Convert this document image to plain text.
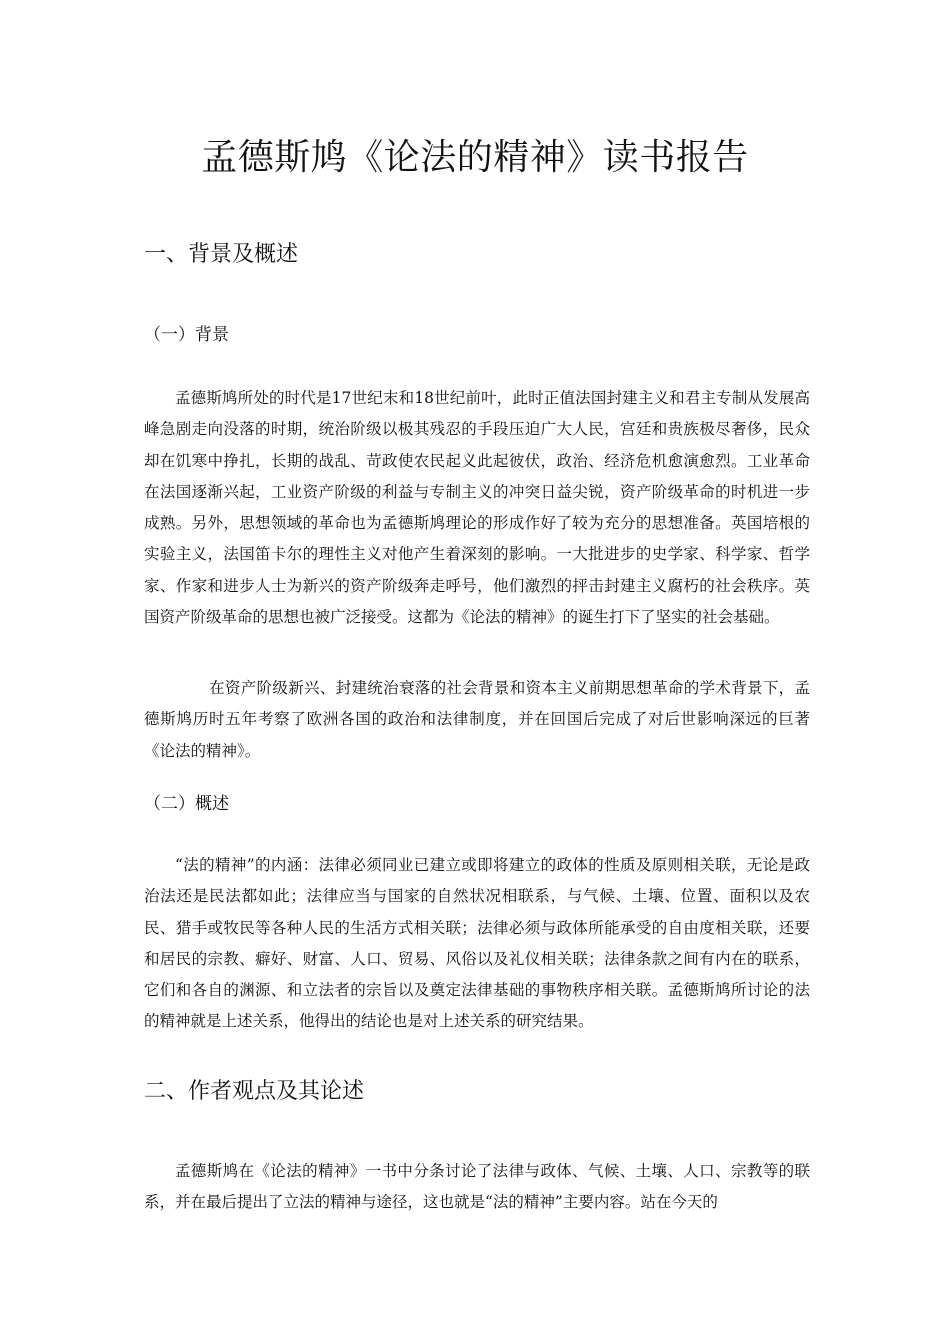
孟德斯鸠《论法的精神》读书报告
一、背景及概述
（一）背景

孟德斯鸠所处的时代是17世纪末和18世纪前叶，此时正值法国封建主义和君主专制从发展高峰急剧走向没落的时期，统治阶级以极其残忍的手段压迫广大人民，宫廷和贵族极尽奢侈，民众却在饥寒中挣扎，长期的战乱、苛政使农民起义此起彼伏，政治、经济危机愈演愈烈。工业革命在法国逐渐兴起，工业资产阶级的利益与专制主义的冲突日益尖锐，资产阶级革命的时机进一步成熟。另外，思想领域的革命也为孟德斯鸠理论的形成作好了较为充分的思想准备。英国培根的实验主义，法国笛卡尔的理性主义对他产生着深刻的影响。一大批进步的史学家、科学家、哲学家、作家和进步人士为新兴的资产阶级奔走呼号，他们激烈的抨击封建主义腐朽的社会秩序。英国资产阶级革命的思想也被广泛接受。这都为《论法的精神》的诞生打下了坚实的社会基础。

在资产阶级新兴、封建统治衰落的社会背景和资本主义前期思想革命的学术背景下，孟德斯鸠历时五年考察了欧洲各国的政治和法律制度，并在回国后完成了对后世影响深远的巨著《论法的精神》。

（二）概述

“法的精神”的内涵：法律必须同业已建立或即将建立的政体的性质及原则相关联，无论是政治法还是民法都如此；法律应当与国家的自然状况相联系，与气候、土壤、位置、面积以及农民、猎手或牧民等各种人民的生活方式相关联；法律必须与政体所能承受的自由度相关联，还要和居民的宗教、癖好、财富、人口、贸易、风俗以及礼仪相关联；法律条款之间有内在的联系，它们和各自的渊源、和立法者的宗旨以及奠定法律基础的事物秩序相关联。孟德斯鸠所讨论的法的精神就是上述关系，他得出的结论也是对上述关系的研究结果。

二、作者观点及其论述

孟德斯鸠在《论法的精神》一书中分条讨论了法律与政体、气候、土壤、人口、宗教等的联系，并在最后提出了立法的精神与途径，这也就是“法的精神”主要内容。站在今天的
